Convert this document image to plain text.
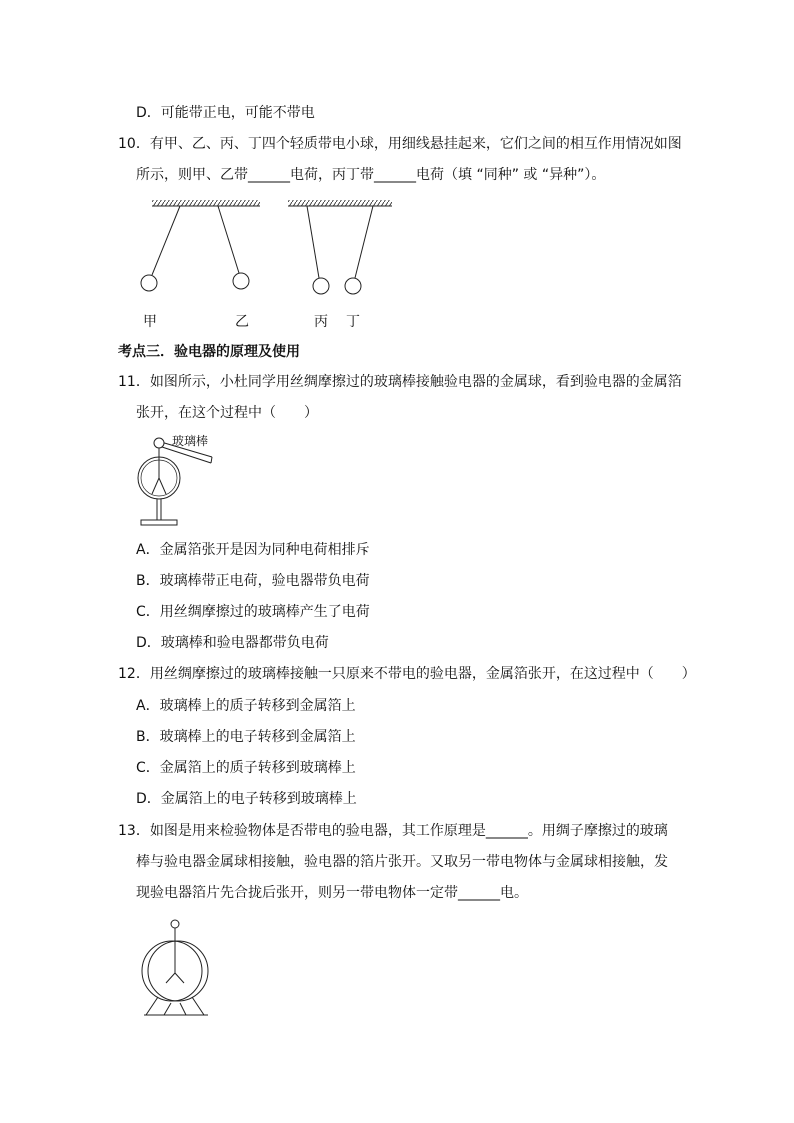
D．可能带正电，可能不带电
10．有甲、乙、丙、丁四个轻质带电小球，用细线悬挂起来，它们之间的相互作用情况如图
所示，则甲、乙带______电荷，丙丁带______电荷（填 “同种” 或 “异种”）。
甲	乙	丙 丁
考点三．验电器的原理及使用
11．如图所示，小杜同学用丝绸摩擦过的玻璃棒接触验电器的金属球，看到验电器的金属箔
张开，在这个过程中（　　）
玻璃棒
A．金属箔张开是因为同种电荷相排斥
B．玻璃棒带正电荷，验电器带负电荷
C．用丝绸摩擦过的玻璃棒产生了电荷
D．玻璃棒和验电器都带负电荷
12．用丝绸摩擦过的玻璃棒接触一只原来不带电的验电器，金属箔张开，在这过程中（　　）
A．玻璃棒上的质子转移到金属箔上
B．玻璃棒上的电子转移到金属箔上
C．金属箔上的质子转移到玻璃棒上
D．金属箔上的电子转移到玻璃棒上
13．如图是用来检验物体是否带电的验电器，其工作原理是______。用绸子摩擦过的玻璃
棒与验电器金属球相接触，验电器的箔片张开。又取另一带电物体与金属球相接触，发
现验电器箔片先合拢后张开，则另一带电物体一定带______电。
